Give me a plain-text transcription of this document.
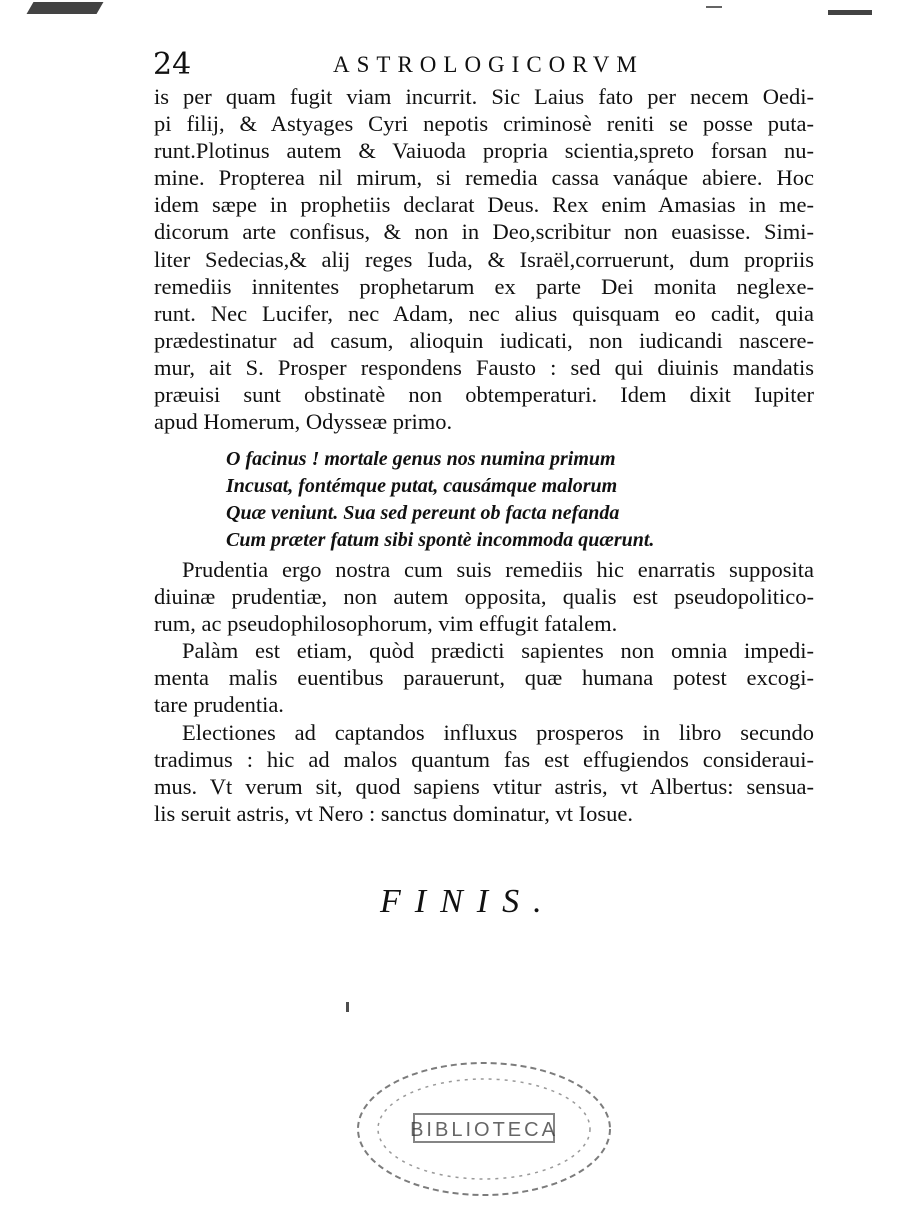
24	ASTROLOGICORVM
is per quam fugit viam incurrit. Sic Laius fato per necem Oedi-
pi filij, & Astyages Cyri nepotis criminosè reniti se posse puta-
runt.Plotinus autem & Vaiuoda propria scientia,spreto forsan nu-
mine. Propterea nil mirum, si remedia cassa vanáque abiere. Hoc
idem sæpe in prophetiis declarat Deus. Rex enim Amasias in me-
dicorum arte confisus, & non in Deo,scribitur non euasisse. Simi-
liter Sedecias,& alij reges Iuda, & Israël,corruerunt, dum propriis
remediis innitentes prophetarum ex parte Dei monita neglexe-
runt. Nec Lucifer, nec Adam, nec alius quisquam eo cadit, quia
prædestinatur ad casum, alioquin iudicati, non iudicandi nascere-
mur, ait S. Prosper respondens Fausto : sed qui diuinis mandatis
præuisi sunt obstinatè non obtemperaturi. Idem dixit Iupiter
apud Homerum, Odysseæ primo.
O facinus ! mortale genus nos numina primum
Incusat, fontémque putat, causámque malorum
Quæ veniunt. Sua sed pereunt ob facta nefanda
Cum præter fatum sibi spontè incommoda quærunt.
Prudentia ergo nostra cum suis remediis hic enarratis supposita
diuinæ prudentiæ, non autem opposita, qualis est pseudopolitico-
rum, ac pseudophilosophorum, vim effugit fatalem.
Palàm est etiam, quòd prædicti sapientes non omnia impedi-
menta malis euentibus parauerunt, quæ humana potest excogi-
tare prudentia.
Electiones ad captandos influxus prosperos in libro secundo
tradimus : hic ad malos quantum fas est effugiendos consideraui-
mus. Vt verum sit, quod sapiens vtitur astris, vt Albertus: sensua-
lis seruit astris, vt Nero : sanctus dominatur, vt Iosue.
FINIS.
BIBLIOTECA
